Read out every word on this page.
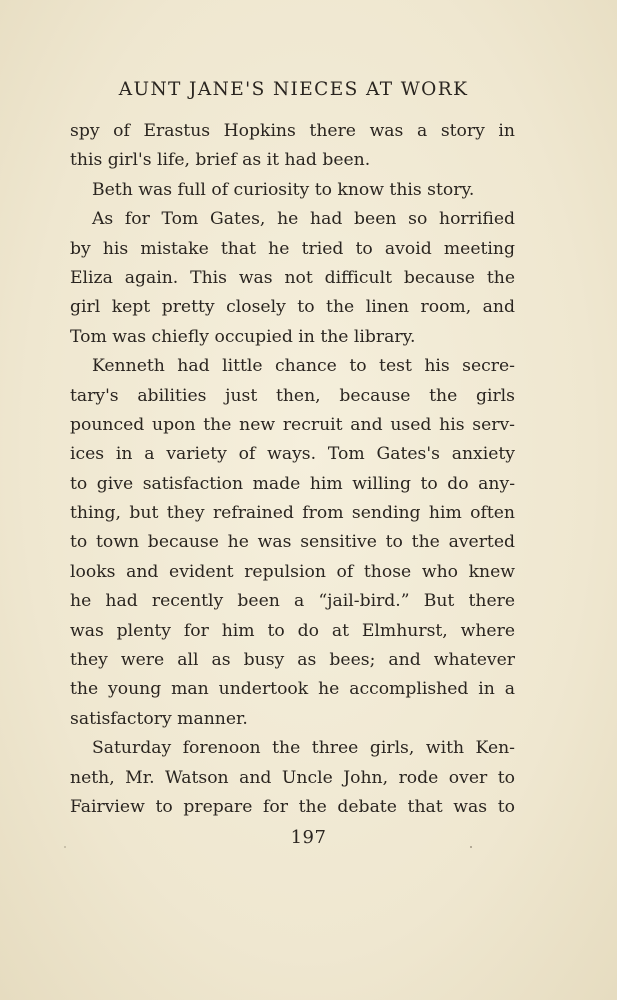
AUNT JANE'S NIECES AT WORK
spy of Erastus Hopkins there was a story in
this girl's life, brief as it had been.
Beth was full of curiosity to know this story.
As for Tom Gates, he had been so horrified
by his mistake that he tried to avoid meeting
Eliza again. This was not difficult because the
girl kept pretty closely to the linen room, and
Tom was chiefly occupied in the library.
Kenneth had little chance to test his secre-
tary's abilities just then, because the girls
pounced upon the new recruit and used his serv-
ices in a variety of ways. Tom Gates's anxiety
to give satisfaction made him willing to do any-
thing, but they refrained from sending him often
to town because he was sensitive to the averted
looks and evident repulsion of those who knew
he had recently been a “jail-bird.” But there
was plenty for him to do at Elmhurst, where
they were all as busy as bees; and whatever
the young man undertook he accomplished in a
satisfactory manner.
Saturday forenoon the three girls, with Ken-
neth, Mr. Watson and Uncle John, rode over to
Fairview to prepare for the debate that was to
197
